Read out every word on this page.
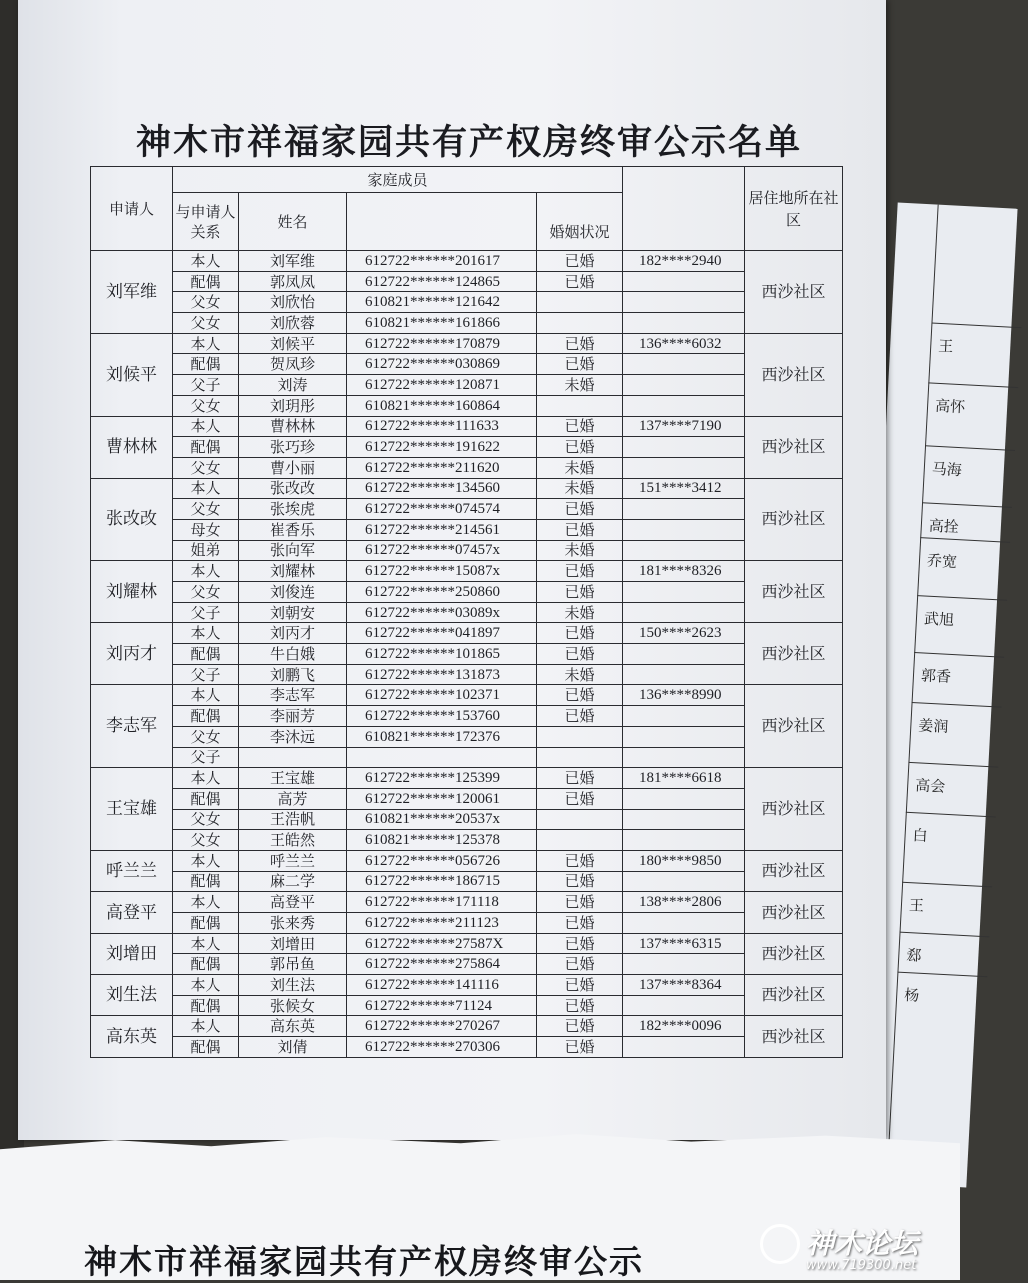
王
高怀
马海
高拴
乔宽
武旭
郭香
姜润
高会
白
王
郄
杨
神木市祥福家园共有产权房终审公示名单
申请人	家庭成员					居住地所在社区
	与申请人关系	姓名		婚姻状况		
刘军维	本人	刘军维	612722******201617	已婚	182****2940	西沙社区
	配偶	郭凤凤	612722******124865	已婚		
	父女	刘欣怡	610821******121642			
	父女	刘欣蓉	610821******161866			
刘候平	本人	刘候平	612722******170879	已婚	136****6032	西沙社区
	配偶	贺凤珍	612722******030869	已婚		
	父子	刘涛	612722******120871	未婚		
	父女	刘玥彤	610821******160864			
曹林林	本人	曹林林	612722******111633	已婚	137****7190	西沙社区
	配偶	张巧珍	612722******191622	已婚		
	父女	曹小丽	612722******211620	未婚		
张改改	本人	张改改	612722******134560	未婚	151****3412	西沙社区
	父女	张埃虎	612722******074574	已婚		
	母女	崔香乐	612722******214561	已婚		
	姐弟	张向军	612722******07457x	未婚		
刘耀林	本人	刘耀林	612722******15087x	已婚	181****8326	西沙社区
	父女	刘俊连	612722******250860	已婚		
	父子	刘朝安	612722******03089x	未婚		
刘丙才	本人	刘丙才	612722******041897	已婚	150****2623	西沙社区
	配偶	牛白娥	612722******101865	已婚		
	父子	刘鹏飞	612722******131873	未婚		
李志军	本人	李志军	612722******102371	已婚	136****8990	西沙社区
	配偶	李丽芳	612722******153760	已婚		
	父女	李沐远	610821******172376			
	父子					
王宝雄	本人	王宝雄	612722******125399	已婚	181****6618	西沙社区
	配偶	高芳	612722******120061	已婚		
	父女	王浩帆	610821******20537x			
	父女	王皓然	610821******125378			
呼兰兰	本人	呼兰兰	612722******056726	已婚	180****9850	西沙社区
	配偶	麻二学	612722******186715	已婚		
高登平	本人	高登平	612722******171118	已婚	138****2806	西沙社区
	配偶	张来秀	612722******211123	已婚		
刘增田	本人	刘增田	612722******27587X	已婚	137****6315	西沙社区
	配偶	郭吊鱼	612722******275864	已婚		
刘生法	本人	刘生法	612722******141116	已婚	137****8364	西沙社区
	配偶	张候女	612722******71124	已婚		
高东英	本人	高东英	612722******270267	已婚	182****0096	西沙社区
	配偶	刘倩	612722******270306	已婚		
神木市祥福家园共有产权房终审公示	神木论坛
www.719300.net
